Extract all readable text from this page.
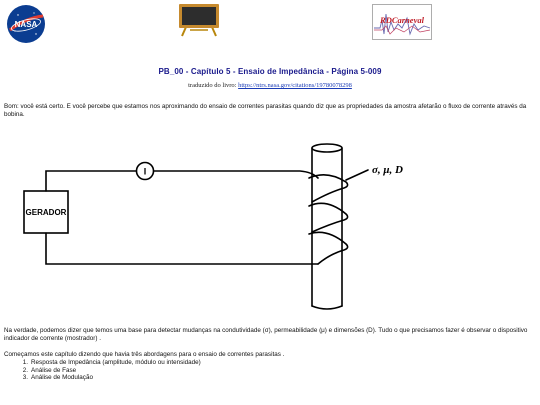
NASA	RDCarneval
PB_00 - Capítulo 5 - Ensaio de Impedância - Página 5-009
traduzido do livro: https://ntrs.nasa.gov/citations/19780078298
Bom: você está certo. E você percebe que estamos nos aproximando do ensaio de correntes parasitas quando diz que as propriedades da amostra afetarão o fluxo de corrente através da bobina.
GERADOR
I	σ, μ, D
Na verdade, podemos dizer que temos uma base para detectar mudanças na condutividade (σ), permeabilidade (μ) e dimensões (D). Tudo o que precisamos fazer é observar o dispositivo indicador de corrente (mostrador) .
Começamos este capítulo dizendo que havia três abordagens para o ensaio de correntes parasitas .
1. Resposta de Impedância (amplitude, módulo ou intensidade)
2. Análise de Fase
3. Análise de Modulação
